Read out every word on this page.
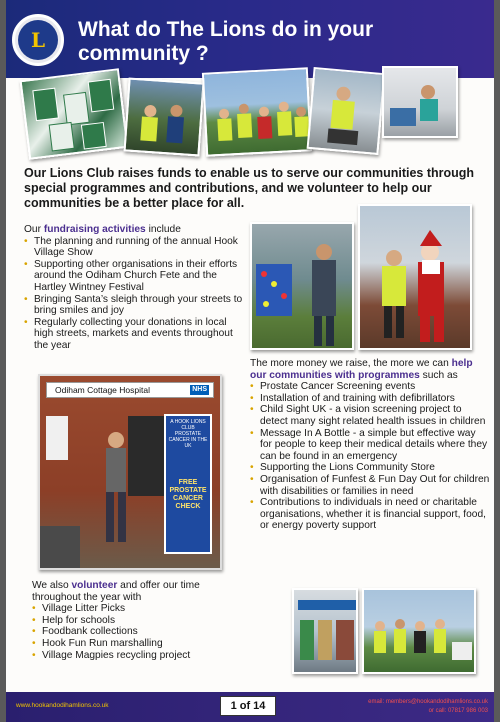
L	What do The Lions do in your community ?
Our Lions Club raises funds to enable us to serve our communities through special programmes and contributions, and we volunteer to help our communities be a better place for all.
Our fundraising activities include
• The planning and running of the annual Hook Village Show
• Supporting other organisations in their efforts around the Odiham Church Fete and the Hartley Wintney Festival
• Bringing Santa’s sleigh through your streets to bring smiles and joy
• Regularly collecting your donations in local high streets, markets and events throughout the year
Odiham Cottage Hospital	NHS
A HOOK LIONS CLUB PROSTATE CANCER IN THE UK
FREE PROSTATE CANCER CHECK
The more money we raise, the more we can help our communities with programmes such as
• Prostate Cancer Screening events
• Installation of and training with defibrillators
• Child Sight UK - a vision screening project to detect many sight related health issues in children
• Message In A Bottle - a simple but effective way for people to keep their medical details where they can be found in an emergency
• Supporting the Lions Community Store
• Organisation of Funfest & Fun Day Out for children with disabilities or families in need
• Contributions to individuals in need or charitable organisations, whether it is financial support, food, or energy poverty support
We also volunteer and offer our time throughout the year with
• Village Litter Picks
• Help for schools
• Foodbank collections
• Hook Fun Run marshalling
• Village Magpies recycling project
www.hookandodihamlions.co.uk	1 of 14	email: members@hookandodihamlions.co.uk
or call: 07817 986 003
